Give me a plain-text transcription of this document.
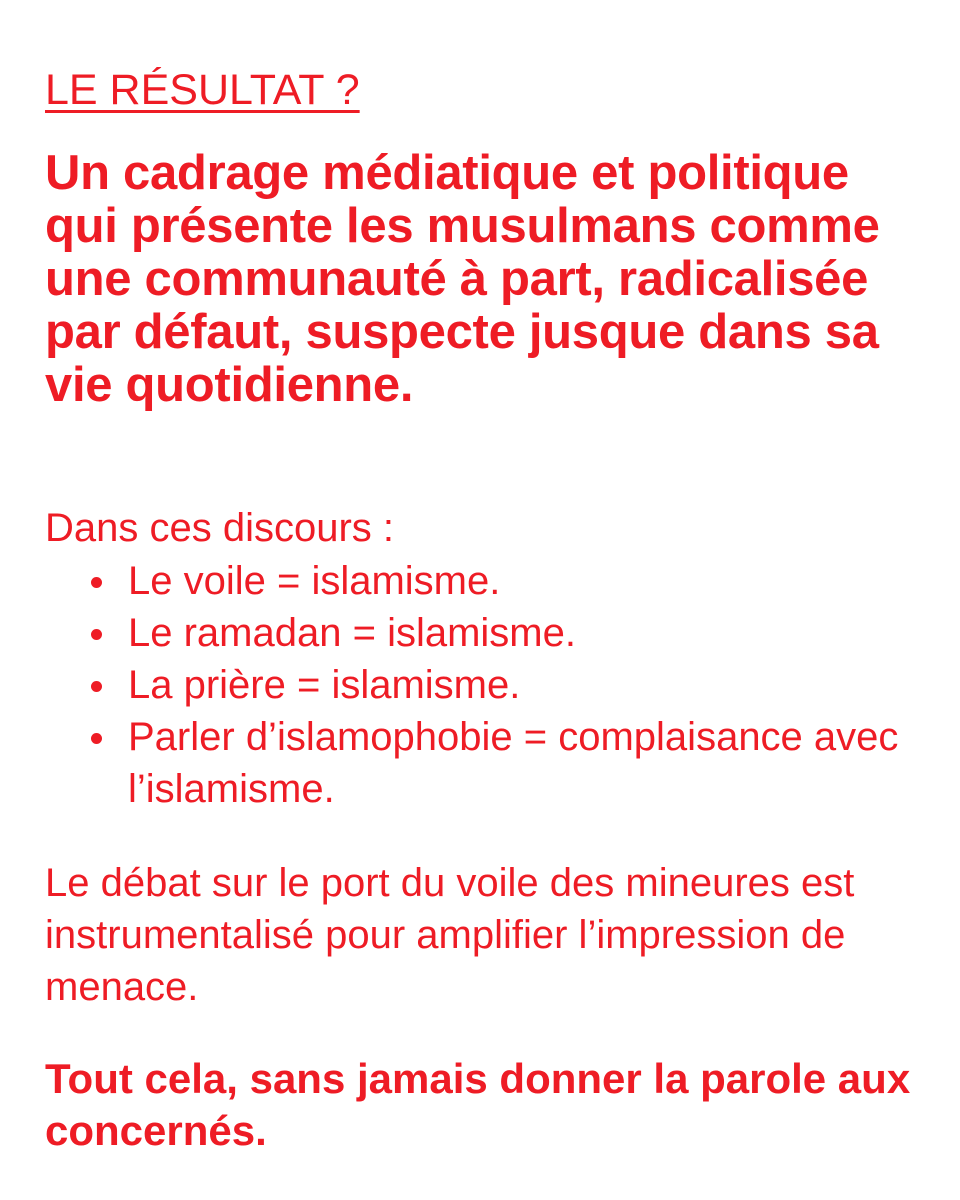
LE RÉSULTAT ?
Un cadrage médiatique et politique qui présente les musulmans comme une communauté à part, radicalisée par défaut, suspecte jusque dans sa vie quotidienne.

Dans ces discours :

Le voile = islamisme.
Le ramadan = islamisme.
La prière = islamisme.
Parler d’islamophobie = complaisance avec l’islamisme.

Le débat sur le port du voile des mineures est instrumentalisé pour amplifier l’impression de menace.

Tout cela, sans jamais donner la parole aux concernés.
